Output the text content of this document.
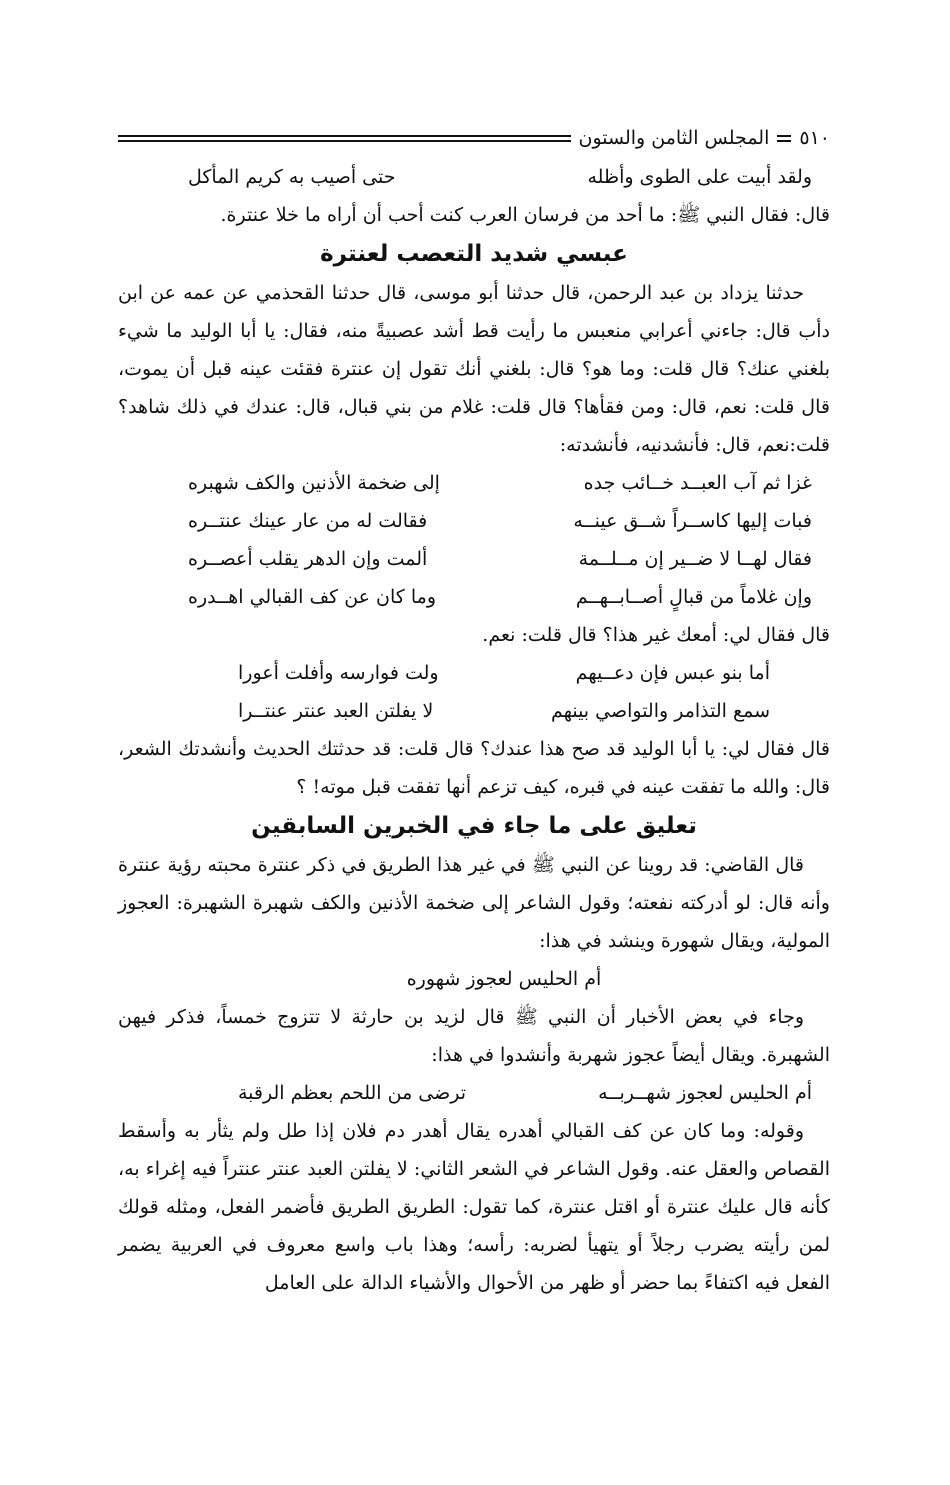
٥١٠
المجلس الثامن والستون
ولقد أبيت على الطوى وأظله
حتى أصيب به كريم المأكل

قال: فقال النبي ﷺ: ما أحد من فرسان العرب كنت أحب أن أراه ما خلا عنترة.

عبسي شديد التعصب لعنترة

حدثنا يزداد بن عبد الرحمن، قال حدثنا أبو موسى، قال حدثنا القحذمي عن عمه عن ابن دأب قال: جاءني أعرابي منعبس ما رأيت قط أشد عصبيةً منه، فقال: يا أبا الوليد ما شيء بلغني عنك؟ قال قلت: وما هو؟ قال: بلغني أنك تقول إن عنترة فقئت عينه قبل أن يموت، قال قلت: نعم، قال: ومن فقأها؟ قال قلت: غلام من بني قبال، قال: عندك في ذلك شاهد؟ قلت:نعم، قال: فأنشدنيه، فأنشدته:

غزا ثم آب العبــد خــائب جده
إلى ضخمة الأذنين والكف شهبره
فبات إليها كاســراً شــق عينــه
فقالت له من عار عينك عنتــره
فقال لهــا لا ضــير إن مــلــمة
ألمت وإن الدهر يقلب أعصــره
وإن غلاماً من قبالٍ أصــابــهــم
وما كان عن كف القبالي اهــدره

قال فقال لي: أمعك غير هذا؟ قال قلت: نعم.

أما بنو عبس فإن دعــيهم
ولت فوارسه وأفلت أعورا
سمع التذامر والتواصي بينهم
لا يفلتن العبد عنتر عنتــرا

قال فقال لي: يا أبا الوليد قد صح هذا عندك؟ قال قلت: قد حدثتك الحديث وأنشدتك الشعر، قال: والله ما تفقت عينه في قبره، كيف تزعم أنها تفقت قبل موته! ؟

تعليق على ما جاء في الخبرين السابقين

قال القاضي: قد روينا عن النبي ﷺ في غير هذا الطريق في ذكر عنترة محبته رؤية عنترة وأنه قال: لو أدركته نفعته؛ وقول الشاعر إلى ضخمة الأذنين والكف شهبرة الشهبرة: العجوز المولية، ويقال شهورة وينشد في هذا:

أم الحليس لعجوز شهوره

وجاء في بعض الأخبار أن النبي ﷺ قال لزيد بن حارثة لا تتزوج خمساً، فذكر فيهن الشهبرة. ويقال أيضاً عجوز شهربة وأنشدوا في هذا:

أم الحليس لعجوز شهــربــه
ترضى من اللحم بعظم الرقبة

وقوله: وما كان عن كف القبالي أهدره يقال أهدر دم فلان إذا طل ولم يثأر به وأسقط القصاص والعقل عنه. وقول الشاعر في الشعر الثاني: لا يفلتن العبد عنتر عنتراً فيه إغراء به، كأنه قال عليك عنترة أو اقتل عنترة، كما تقول: الطريق الطريق فأضمر الفعل، ومثله قولك لمن رأيته يضرب رجلاً أو يتهيأ لضربه: رأسه؛ وهذا باب واسع معروف في العربية يضمر الفعل فيه اكتفاءً بما حضر أو ظهر من الأحوال والأشياء الدالة على العامل
